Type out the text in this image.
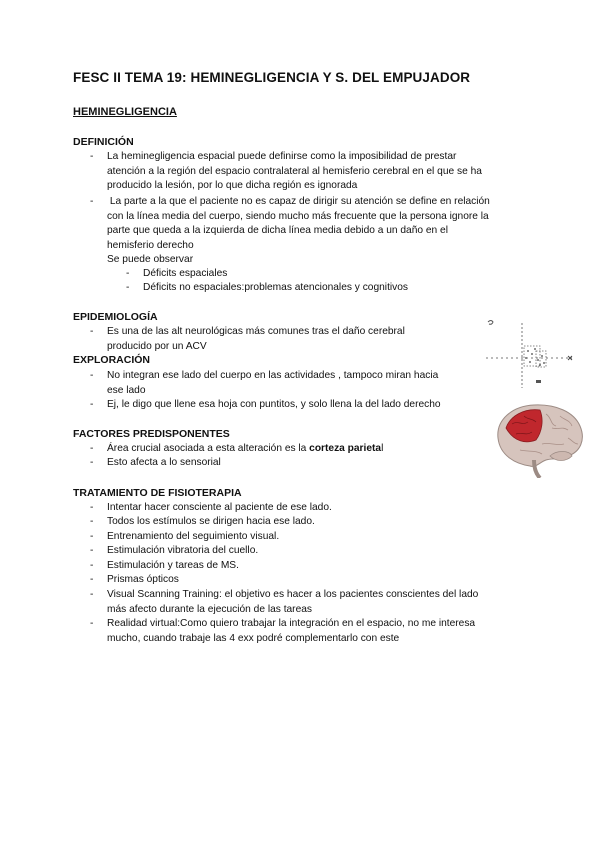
FESC II TEMA 19: HEMINEGLIGENCIA Y S. DEL EMPUJADOR
HEMINEGLIGENCIA
DEFINICIÓN
- La heminegligencia espacial puede definirse como la imposibilidad de prestar
atención a la región del espacio contralateral al hemisferio cerebral en el que se ha
producido la lesión, por lo que dicha región es ignorada
- La parte a la que el paciente no es capaz de dirigir su atención se define en relación
con la línea media del cuerpo, siendo mucho más frecuente que la persona ignore la
parte que queda a la izquierda de dicha línea media debido a un daño en el
hemisferio derecho
Se puede observar
- Déficits espaciales
- Déficits no espaciales:problemas atencionales y cognitivos
EPIDEMIOLOGÍA
- Es una de las alt neurológicas más comunes tras el daño cerebral
producido por un ACV
EXPLORACIÓN
- No integran ese lado del cuerpo en las actividades , tampoco miran hacia
ese lado
- Ej, le digo que llene esa hoja con puntitos, y solo llena la del lado derecho
FACTORES PREDISPONENTES
- Área crucial asociada a esta alteración es la corteza parietal
- Esto afecta a lo sensorial
TRATAMIENTO DE FISIOTERAPIA
- Intentar hacer consciente al paciente de ese lado.
- Todos los estímulos se dirigen hacia ese lado.
- Entrenamiento del seguimiento visual.
- Estimulación vibratoria del cuello.
- Estimulación y tareas de MS.
- Prismas ópticos
- Visual Scanning Training: el objetivo es hacer a los pacientes conscientes del lado
más afecto durante la ejecución de las tareas
- Realidad virtual:Como quiero trabajar la integración en el espacio, no me interesa
mucho, cuando trabaje las 4 exx podré complementarlo con este
